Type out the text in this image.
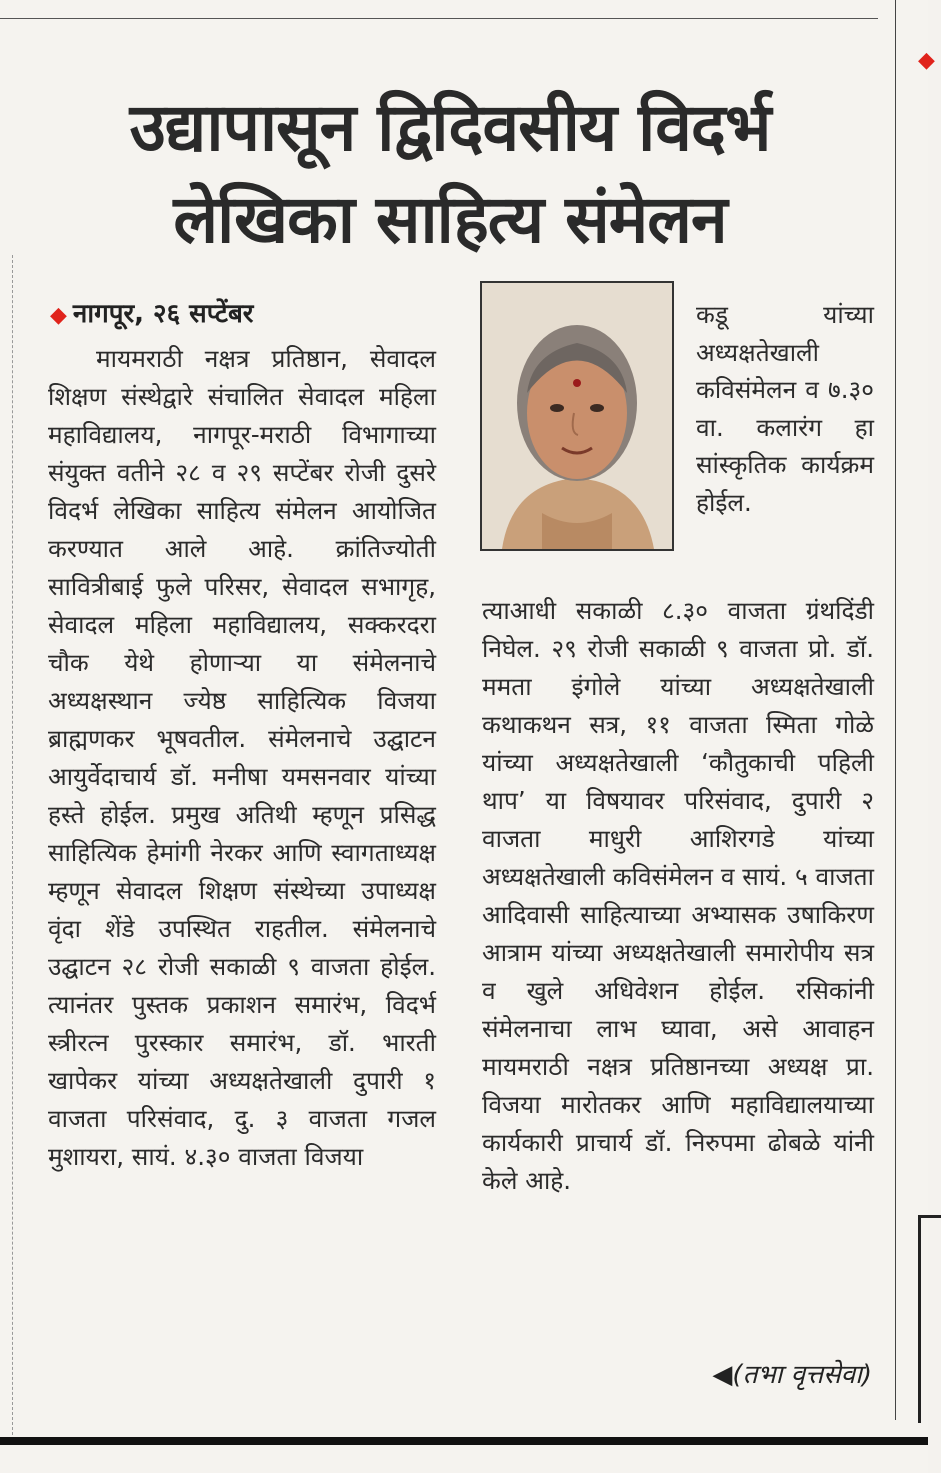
उद्यापासून द्विदिवसीय विदर्भ
लेखिका साहित्य संमेलन
◆ नागपूर, २६ सप्टेंबर
मायमराठी नक्षत्र प्रतिष्ठान, सेवादल शिक्षण संस्थेद्वारे संचालित सेवादल महिला महाविद्यालय, नागपूर-मराठी विभागाच्या संयुक्त वतीने २८ व २९ सप्टेंबर रोजी दुसरे विदर्भ लेखिका साहित्य संमेलन आयोजित करण्यात आले आहे. क्रांतिज्योती सावित्रीबाई फुले परिसर, सेवादल सभागृह, सेवादल महिला महाविद्यालय, सक्करदरा चौक येथे होणाऱ्या या संमेलनाचे अध्यक्षस्थान ज्येष्ठ साहित्यिक विजया ब्राह्मणकर भूषवतील. संमेलनाचे उद्घाटन आयुर्वेदाचार्य डॉ. मनीषा यमसनवार यांच्या हस्ते होईल. प्रमुख अतिथी म्हणून प्रसिद्ध साहित्यिक हेमांगी नेरकर आणि स्वागताध्यक्ष म्हणून सेवादल शिक्षण संस्थेच्या उपाध्यक्ष वृंदा शेंडे उपस्थित राहतील. संमेलनाचे उद्घाटन २८ रोजी सकाळी ९ वाजता होईल. त्यानंतर पुस्तक प्रकाशन समारंभ, विदर्भ स्त्रीरत्न पुरस्कार समारंभ, डॉ. भारती खापेकर यांच्या अध्यक्षतेखाली दुपारी १ वाजता परिसंवाद, दु. ३ वाजता गजल मुशायरा, सायं. ४.३० वाजता विजया
कडू यांच्या अध्यक्षतेखाली कविसंमेलन व ७.३० वा. कलारंग हा सांस्कृतिक कार्यक्रम होईल.
त्याआधी सकाळी ८.३० वाजता ग्रंथदिंडी निघेल. २९ रोजी सकाळी ९ वाजता प्रो. डॉ. ममता इंगोले यांच्या अध्यक्षतेखाली कथाकथन सत्र, ११ वाजता स्मिता गोळे यांच्या अध्यक्षतेखाली ‘कौतुकाची पहिली थाप’ या विषयावर परिसंवाद, दुपारी २ वाजता माधुरी आशिरगडे यांच्या अध्यक्षतेखाली कविसंमेलन व सायं. ५ वाजता आदिवासी साहित्याच्या अभ्यासक उषाकिरण आत्राम यांच्या अध्यक्षतेखाली समारोपीय सत्र व खुले अधिवेशन होईल. रसिकांनी संमेलनाचा लाभ घ्यावा, असे आवाहन मायमराठी नक्षत्र प्रतिष्ठानच्या अध्यक्ष प्रा. विजया मारोतकर आणि महाविद्यालयाच्या कार्यकारी प्राचार्य डॉ. निरुपमा ढोबळे यांनी केले आहे.
◀(तभा वृत्तसेवा)
◆
